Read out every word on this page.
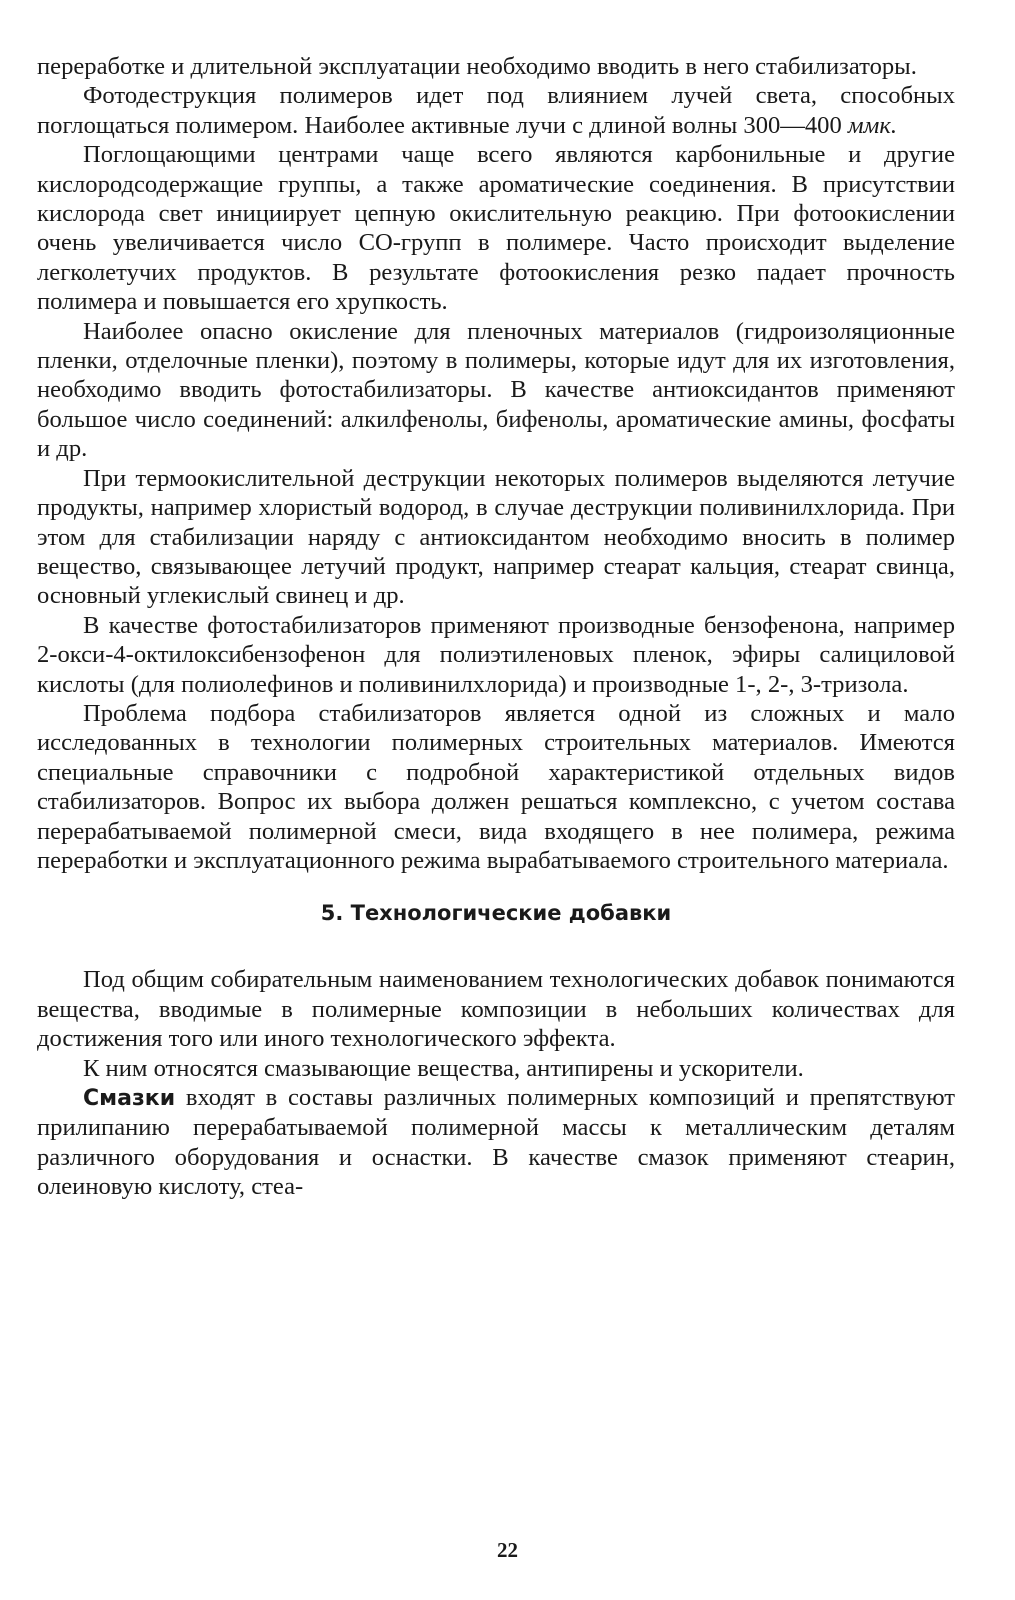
переработке и длительной эксплуатации необходимо вводить в него стабилизаторы.

Фотодеструкция полимеров идет под влиянием лучей света, способных поглощаться полимером. Наиболее активные лучи с длиной волны 300—400 ммк.

Поглощающими центрами чаще всего являются карбонильные и другие кислородсодержащие группы, а также ароматические соединения. В присутствии кислорода свет инициирует цепную окислительную реакцию. При фотоокислении очень увеличивается число СО-групп в полимере. Часто происходит выделение легколетучих продуктов. В результате фотоокисления резко падает прочность полимера и повышается его хрупкость.

Наиболее опасно окисление для пленочных материалов (гидроизоляционные пленки, отделочные пленки), поэтому в полимеры, которые идут для их изготовления, необходимо вводить фотостабилизаторы. В качестве антиоксидантов применяют большое число соединений: алкилфенолы, бифенолы, ароматические амины, фосфаты и др.

При термоокислительной деструкции некоторых полимеров выделяются летучие продукты, например хлористый водород, в случае деструкции поливинилхлорида. При этом для стабилизации наряду с антиоксидантом необходимо вносить в полимер вещество, связывающее летучий продукт, например стеарат кальция, стеарат свинца, основный углекислый свинец и др.

В качестве фотостабилизаторов применяют производные бензофенона, например 2-окси-4-октилоксибензофенон для полиэтиленовых пленок, эфиры салициловой кислоты (для полиолефинов и поливинилхлорида) и производные 1-, 2-, 3-тризола.

Проблема подбора стабилизаторов является одной из сложных и мало исследованных в технологии полимерных строительных материалов. Имеются специальные справочники с подробной характеристикой отдельных видов стабилизаторов. Вопрос их выбора должен решаться комплексно, с учетом состава перерабатываемой полимерной смеси, вида входящего в нее полимера, режима переработки и эксплуатационного режима вырабатываемого строительного материала.

5. Технологические добавки

Под общим собирательным наименованием технологических добавок понимаются вещества, вводимые в полимерные композиции в небольших количествах для достижения того или иного технологического эффекта.

К ним относятся смазывающие вещества, антипирены и ускорители.

Смазки входят в составы различных полимерных композиций и препятствуют прилипанию перерабатываемой полимерной массы к металлическим деталям различного оборудования и оснастки. В качестве смазок применяют стеарин, олеиновую кислоту, стеа-

22
